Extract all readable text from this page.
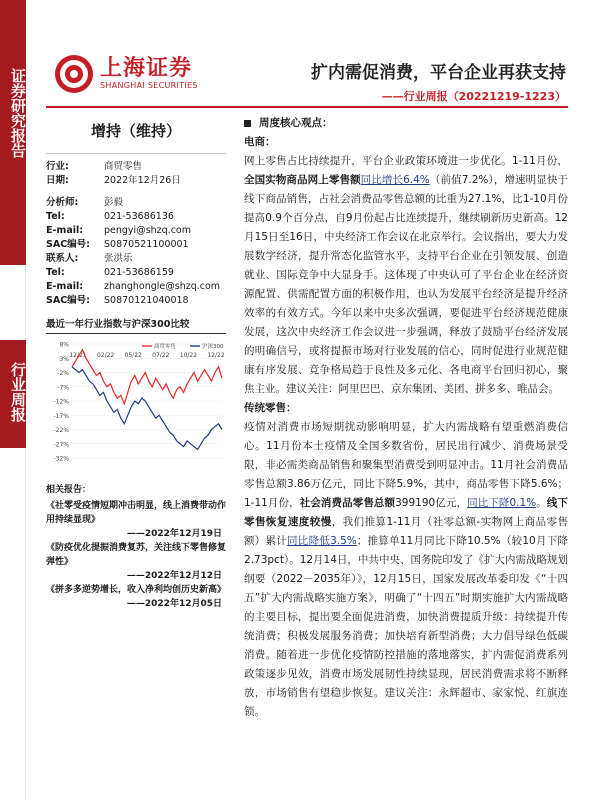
证券研究报告
行业周报
上海证券
SHANGHAI SECURITIES
扩内需促消费，平台企业再获支持
——行业周报（20221219-1223）
增持（维持）
行业:	商贸零售
日期:	2022年12月26日
分析师:	彭毅
Tel:	021-53686136
E-mail:	pengyi@shzq.com
SAC编号:	S0870521100001
联系人:	张洪乐
Tel:	021-53686159
E-mail:	zhanghongle@shzq.com
SAC编号:	S0870121040018
最近一年行业指数与沪深300比较
8%
3%
-2%
-7%
-12%
-17%
-22%
-27%
-32%
12/21 02/22 05/22 07/22 10/22 12/22
商贸零售	沪深300
相关报告：
《社零受疫情短期冲击明显，线上消费带动作用持续显现》
——2022年12月19日
《防疫优化提振消费复苏，关注线下零售修复弹性》
——2022年12月12日
《拼多多逆势增长，收入净利均创历史新高》
——2022年12月05日
周度核心观点：
电商：

网上零售占比持续提升，平台企业政策环境进一步优化。1-11月份，全国实物商品网上零售额同比增长6.4%（前值7.2%），增速明显快于线下商品销售，占社会消费品零售总额的比重为27.1%，比1-10月份提高0.9个百分点，自9月份起占比连续提升，继续刷新历史新高。12月15日至16日，中央经济工作会议在北京举行。会议指出，要大力发展数字经济，提升常态化监管水平，支持平台企业在引领发展、创造就业、国际竞争中大显身手。这体现了中央认可了平台企业在经济资源配置、供需配置方面的积极作用，也认为发展平台经济是提升经济效率的有效方式。今年以来中央多次强调，要促进平台经济规范健康发展，这次中央经济工作会议进一步强调，释放了鼓励平台经济发展的明确信号，或将提振市场对行业发展的信心，同时促进行业规范健康有序发展、竞争格局趋于良性及多元化、各电商平台回归初心，聚焦主业。建议关注：阿里巴巴、京东集团、美团、拼多多、唯品会。

传统零售：

疫情对消费市场短期扰动影响明显，扩大内需战略有望重燃消费信心。11月份本土疫情及全国多数省份，居民出行减少、消费场景受限，非必需类商品销售和聚集型消费受到明显冲击。11月社会消费品零售总额3.86万亿元，同比下降5.9%，其中，商品零售下降5.6%；1-11月份，社会消费品零售总额399190亿元，同比下降0.1%。线下零售恢复速度较慢，我们推算1-11月（社零总额-实物网上商品零售额）累计同比降低3.5%；推算单11月同比下降10.5%（较10月下降2.73pct）。12月14日，中共中央、国务院印发了《扩大内需战略规划纲要（2022－2035年）》，12月15日，国家发展改革委印发《“十四五”扩大内需战略实施方案》，明确了“十四五”时期实施扩大内需战略的主要目标，提出要全面促进消费，加快消费提质升级：持续提升传统消费；积极发展服务消费；加快培育新型消费；大力倡导绿色低碳消费。随着进一步优化疫情防控措施的落地落实，扩内需促消费系列政策逐步见效，消费市场发展韧性持续显现，居民消费需求将不断释放，市场销售有望稳步恢复。建议关注：永辉超市、家家悦、红旗连锁。
